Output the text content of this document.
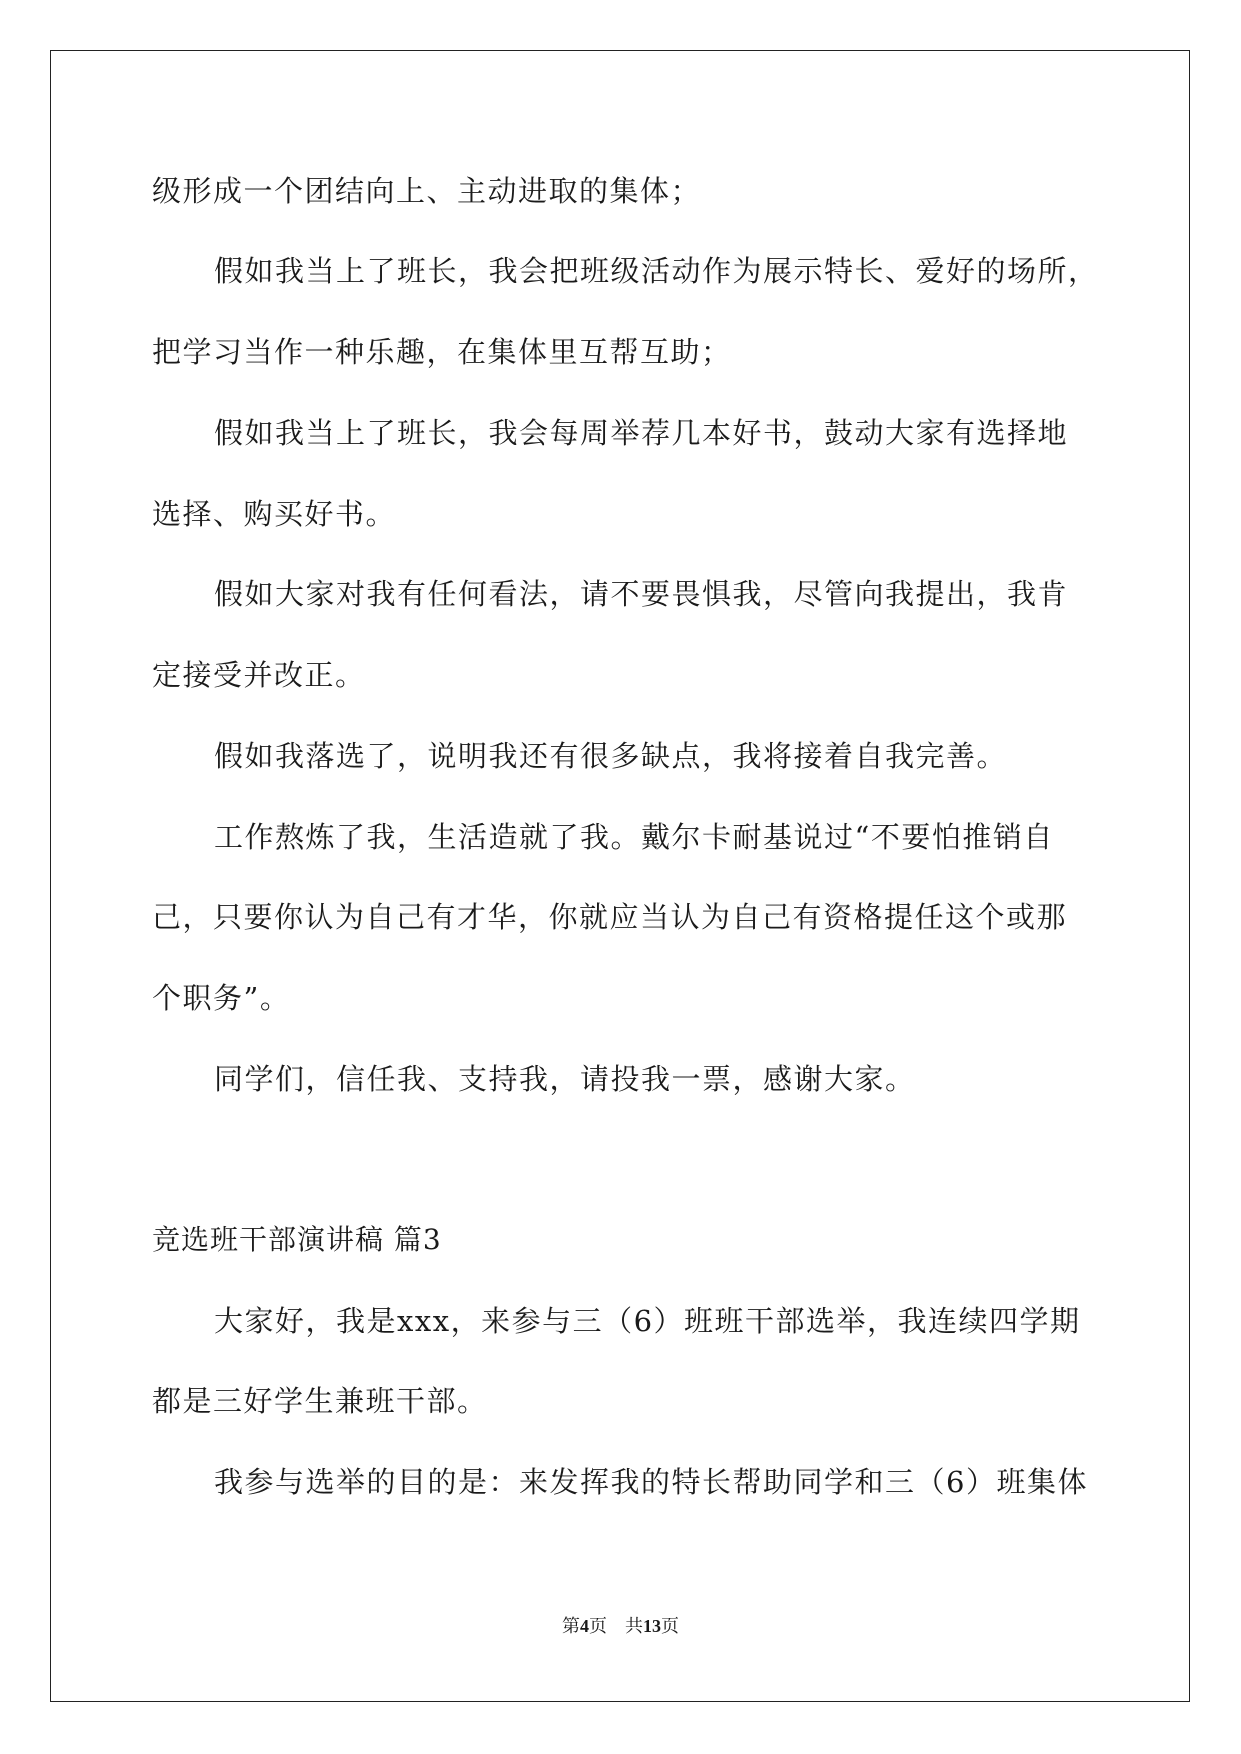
级形成一个团结向上、主动进取的集体；
假如我当上了班长，我会把班级活动作为展示特长、爱好的场所，
把学习当作一种乐趣，在集体里互帮互助；
假如我当上了班长，我会每周举荐几本好书，鼓动大家有选择地
选择、购买好书。
假如大家对我有任何看法，请不要畏惧我，尽管向我提出，我肯
定接受并改正。
假如我落选了，说明我还有很多缺点，我将接着自我完善。
工作熬炼了我，生活造就了我。戴尔卡耐基说过“不要怕推销自
己，只要你认为自己有才华，你就应当认为自己有资格提任这个或那
个职务”。
同学们，信任我、支持我，请投我一票，感谢大家。
竞选班干部演讲稿 篇3
大家好，我是xxx，来参与三（6）班班干部选举，我连续四学期
都是三好学生兼班干部。
我参与选举的目的是：来发挥我的特长帮助同学和三（6）班集体
第4页 共13页
